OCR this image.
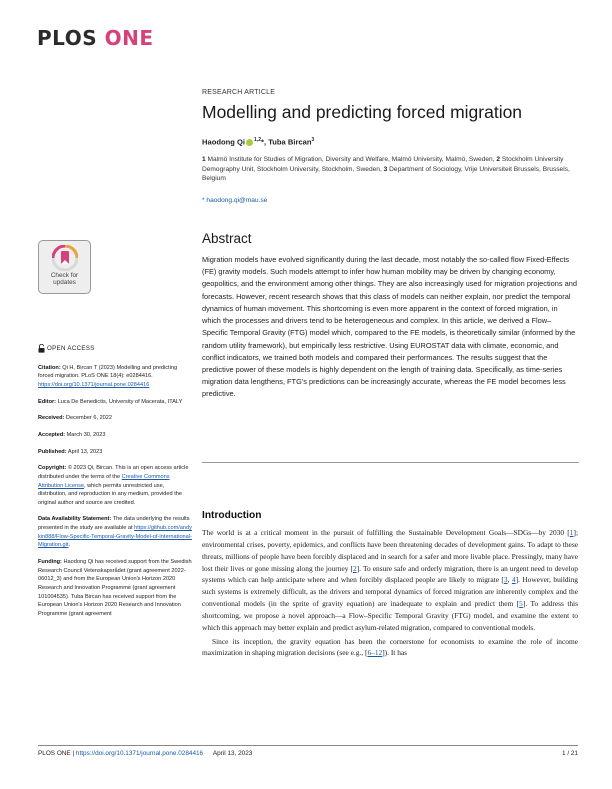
PLOS ONE
RESEARCH ARTICLE
Modelling and predicting forced migration
Haodong Qi $^{1,2}$*, Tuba Bircan$^3$
1 Malmö Institute for Studies of Migration, Diversity and Welfare, Malmö University, Malmö, Sweden, 2 Stockholm University Demography Unit, Stockholm University, Stockholm, Sweden, 3 Department of Sociology, Vrije Universiteit Brussels, Brussels, Belgium
* haodong.qi@mau.se
Check for
updates
OPEN ACCESS
Citation: Qi H, Bircan T (2023) Modelling and predicting forced migration. PLoS ONE 18(4): e0284416. https://doi.org/10.1371/journal.pone.0284416
Editor: Luca De Benedictis, University of Macerata, ITALY
Received: December 6, 2022
Accepted: March 30, 2023
Published: April 13, 2023
Copyright: © 2023 Qi, Bircan. This is an open access article distributed under the terms of the Creative Commons Attribution License, which permits unrestricted use, distribution, and reproduction in any medium, provided the original author and source are credited.
Data Availability Statement: The data underlying the results presented in the study are available at https://github.com/andykin888/Flow-Specific-Temporal-Gravity-Model-of-International-Migration.git.
Funding: Haodong Qi has received support from the Swedish Research Council Vetenskapsrådet (grant agreement 2022-06012_3) and from the European Union's Horizon 2020 Research and Innovation Programme (grant agreement 101004535). Tuba Bircan has received support from the European Union's Horizon 2020 Research and Innovation Programme (grant agreement
Abstract
Migration models have evolved significantly during the last decade, most notably the so-called flow Fixed-Effects (FE) gravity models. Such models attempt to infer how human mobility may be driven by changing economy, geopolitics, and the environment among other things. They are also increasingly used for migration projections and forecasts. However, recent research shows that this class of models can neither explain, nor predict the temporal dynamics of human movement. This shortcoming is even more apparent in the context of forced migration, in which the processes and drivers tend to be heterogeneous and complex. In this article, we derived a Flow–Specific Temporal Gravity (FTG) model which, compared to the FE models, is theoretically similar (informed by the random utility framework), but empirically less restrictive. Using EUROSTAT data with climate, economic, and conflict indicators, we trained both models and compared their performances. The results suggest that the predictive power of these models is highly dependent on the length of training data. Specifically, as time-series migration data lengthens, FTG's predictions can be increasingly accurate, whereas the FE model becomes less predictive.
Introduction

The world is at a critical moment in the pursuit of fulfilling the Sustainable Development Goals—SDGs—by 2030 [1]; environmental crises, poverty, epidemics, and conflicts have been threatening decades of development gains. To adapt to these threats, millions of people have been forcibly displaced and in search for a safer and more livable place. Pressingly, many have lost their lives or gone missing along the journey [2]. To ensure safe and orderly migration, there is an urgent need to develop systems which can help anticipate where and when forcibly displaced people are likely to migrate [3, 4]. However, building such systems is extremely difficult, as the drivers and temporal dynamics of forced migration are inherently complex and the conventional models (in the sprite of gravity equation) are inadequate to explain and predict them [5]. To address this shortcoming, we propose a novel approach—a Flow–Specific Temporal Gravity (FTG) model, and examine the extent to which this approach may better explain and predict asylum-related migration, compared to conventional models.

Since its inception, the gravity equation has been the cornerstone for economists to examine the role of income maximization in shaping migration decisions (see e.g., [6–12]). It has

PLOS ONE | https://doi.org/10.1371/journal.pone.0284416 April 13, 2023	1 / 21
